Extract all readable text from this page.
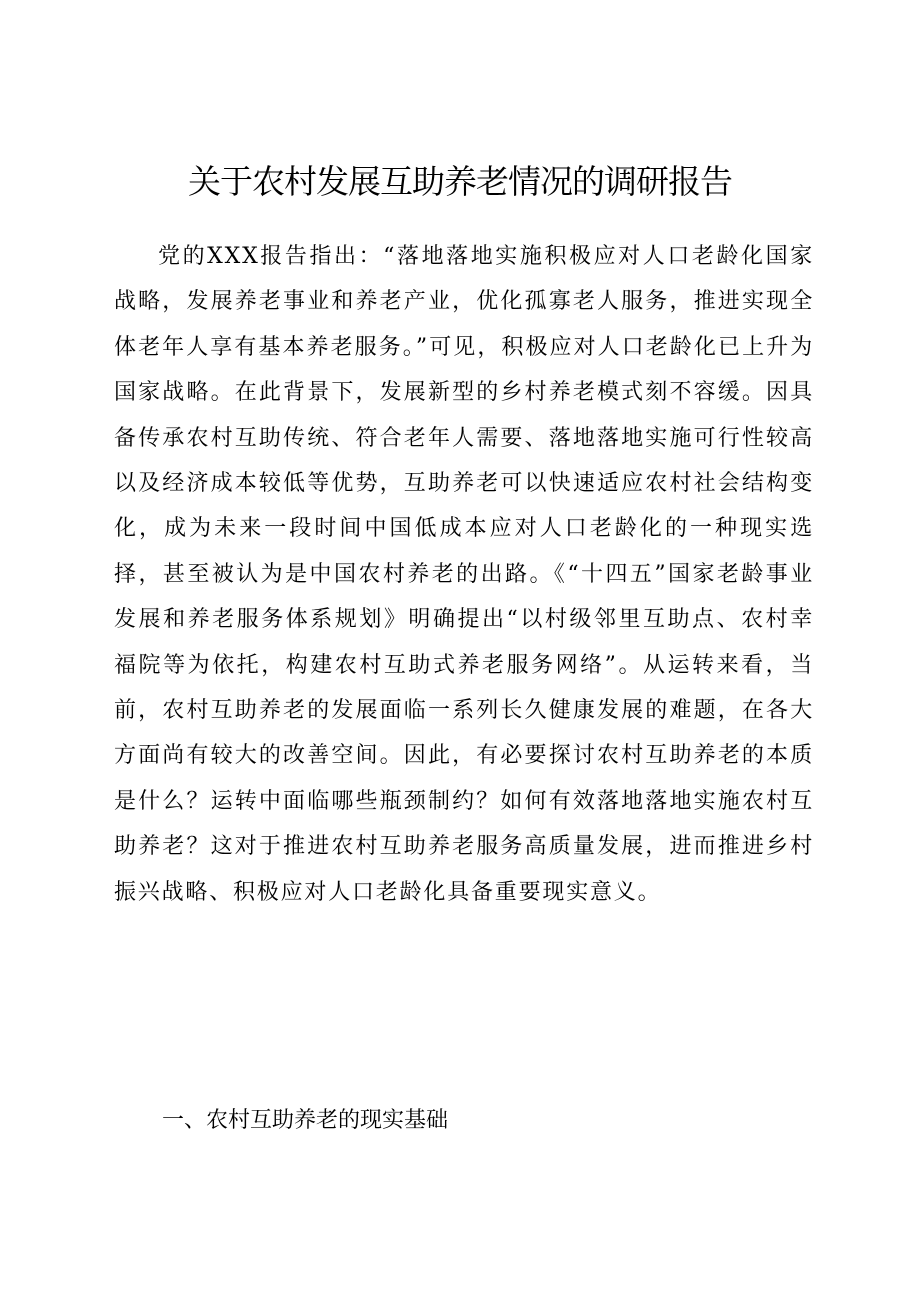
关于农村发展互助养老情况的调研报告

党的XXX报告指出：“落地落地实施积极应对人口老龄化国家战略，发展养老事业和养老产业，优化孤寡老人服务，推进实现全体老年人享有基本养老服务。”可见，积极应对人口老龄化已上升为国家战略。在此背景下，发展新型的乡村养老模式刻不容缓。因具备传承农村互助传统、符合老年人需要、落地落地实施可行性较高以及经济成本较低等优势，互助养老可以快速适应农村社会结构变化，成为未来一段时间中国低成本应对人口老龄化的一种现实选择，甚至被认为是中国农村养老的出路。《“十四五”国家老龄事业发展和养老服务体系规划》明确提出“以村级邻里互助点、农村幸福院等为依托，构建农村互助式养老服务网络”。从运转来看，当前，农村互助养老的发展面临一系列长久健康发展的难题，在各大方面尚有较大的改善空间。因此，有必要探讨农村互助养老的本质是什么？运转中面临哪些瓶颈制约？如何有效落地落地实施农村互助养老？这对于推进农村互助养老服务高质量发展，进而推进乡村振兴战略、积极应对人口老龄化具备重要现实意义。

一、农村互助养老的现实基础
